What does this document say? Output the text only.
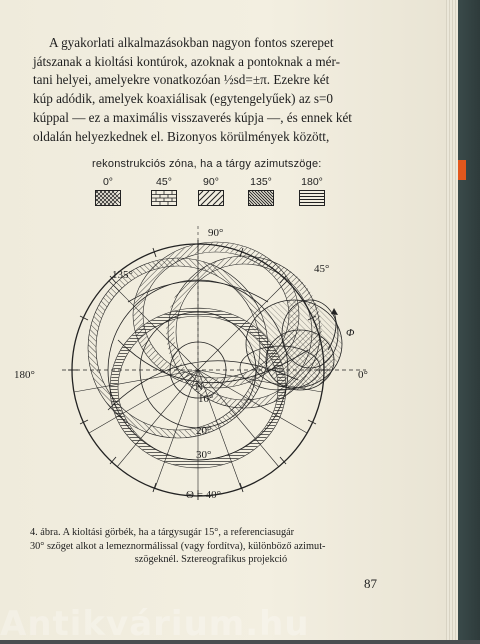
A gyakorlati alkalmazásokban nagyon fontos szerepet
játszanak a kioltási kontúrok, azoknak a pontoknak a mér-
tani helyei, amelyekre vonatkozóan ½sd=±π. Ezekre két
kúp adódik, amelyek koaxiálisak (egytengelyűek) az s=0
kúppal — ez a maximális visszaverés kúpja —, és ennek két
oldalán helyezkednek el. Bizonyos körülmények között,
rekonstrukciós zóna, ha a tárgy azimutszöge:
0°	45°	90°	135°	180°
90°
135°	45°
180°	0°
Φ
N
10°
20°
30°
Θ = 40°
4. ábra. A kioltási görbék, ha a tárgysugár 15°, a referenciasugár
30° szöget alkot a lemeznormálissal (vagy fordítva), különböző azimut-
szögeknél. Sztereografikus projekció
87
Antikvárium.hu
